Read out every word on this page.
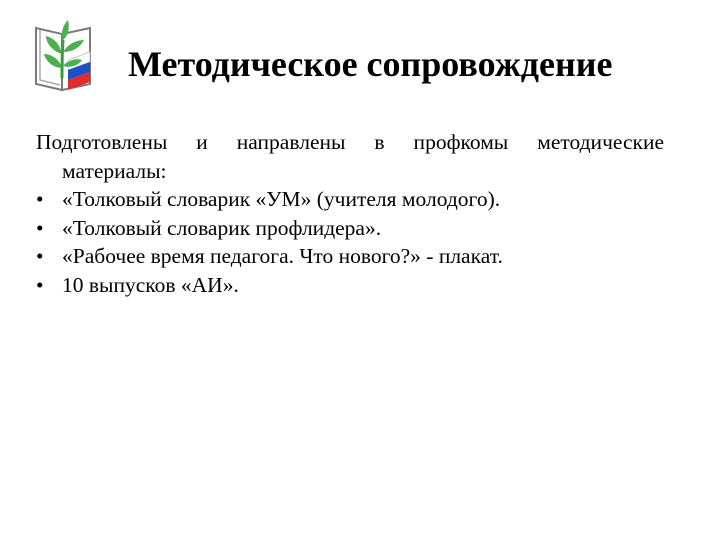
Методическое сопровождение

Подготовлены и направлены в профкомы методические

материалы:

• «Толковый словарик «УМ» (учителя молодого).
• «Толковый словарик профлидера».
• «Рабочее время педагога. Что нового?» - плакат.
• 10 выпусков «АИ».
